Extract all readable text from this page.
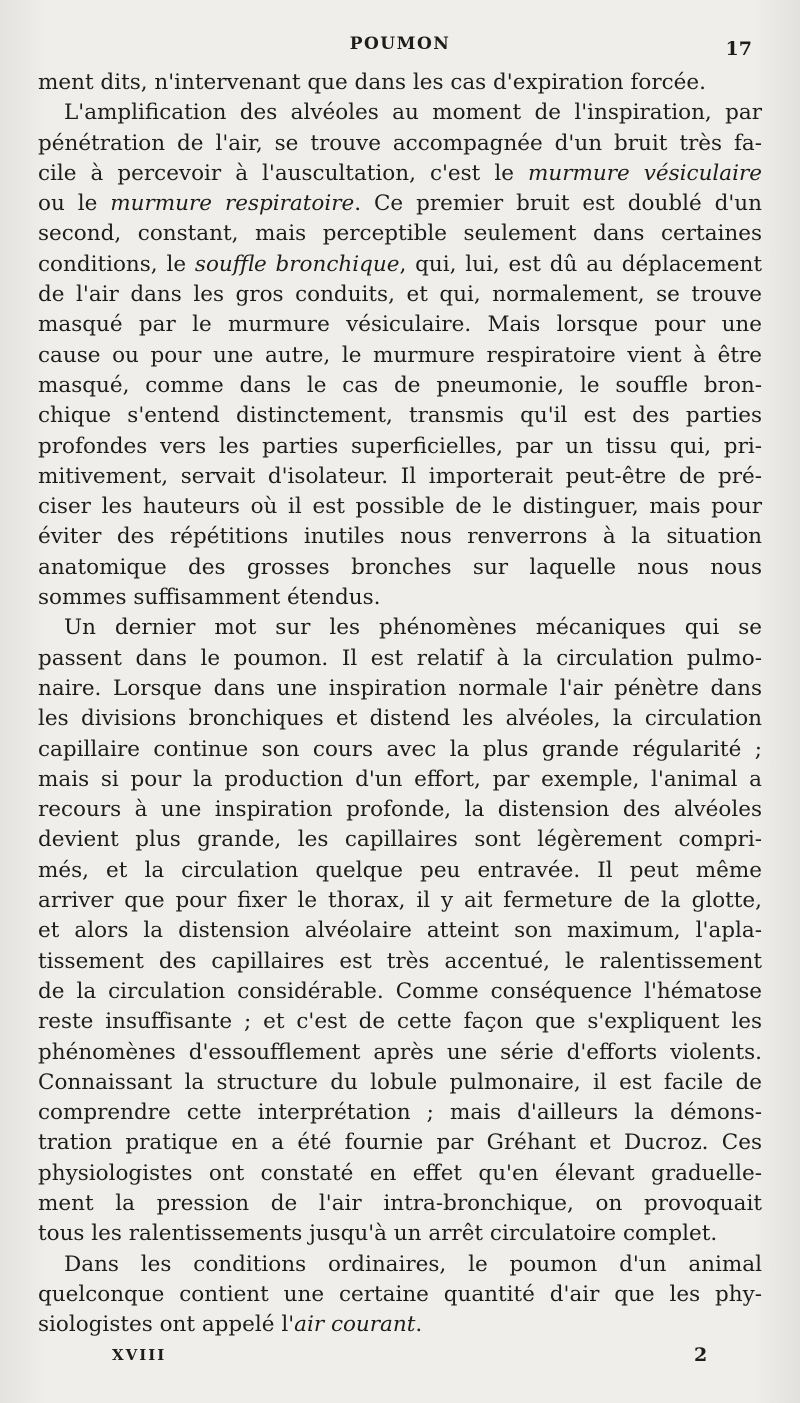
POUMON	17
ment dits, n'intervenant que dans les cas d'expiration forcée.
L'amplification des alvéoles au moment de l'inspiration, par
pénétration de l'air, se trouve accompagnée d'un bruit très fa-
cile à percevoir à l'auscultation, c'est le murmure vésiculaire
ou le murmure respiratoire. Ce premier bruit est doublé d'un
second, constant, mais perceptible seulement dans certaines
conditions, le souffle bronchique, qui, lui, est dû au déplacement
de l'air dans les gros conduits, et qui, normalement, se trouve
masqué par le murmure vésiculaire. Mais lorsque pour une
cause ou pour une autre, le murmure respiratoire vient à être
masqué, comme dans le cas de pneumonie, le souffle bron-
chique s'entend distinctement, transmis qu'il est des parties
profondes vers les parties superficielles, par un tissu qui, pri-
mitivement, servait d'isolateur. Il importerait peut-être de pré-
ciser les hauteurs où il est possible de le distinguer, mais pour
éviter des répétitions inutiles nous renverrons à la situation
anatomique des grosses bronches sur laquelle nous nous
sommes suffisamment étendus.
Un dernier mot sur les phénomènes mécaniques qui se
passent dans le poumon. Il est relatif à la circulation pulmo-
naire. Lorsque dans une inspiration normale l'air pénètre dans
les divisions bronchiques et distend les alvéoles, la circulation
capillaire continue son cours avec la plus grande régularité ;
mais si pour la production d'un effort, par exemple, l'animal a
recours à une inspiration profonde, la distension des alvéoles
devient plus grande, les capillaires sont légèrement compri-
més, et la circulation quelque peu entravée. Il peut même
arriver que pour fixer le thorax, il y ait fermeture de la glotte,
et alors la distension alvéolaire atteint son maximum, l'apla-
tissement des capillaires est très accentué, le ralentissement
de la circulation considérable. Comme conséquence l'hématose
reste insuffisante ; et c'est de cette façon que s'expliquent les
phénomènes d'essoufflement après une série d'efforts violents.
Connaissant la structure du lobule pulmonaire, il est facile de
comprendre cette interprétation ; mais d'ailleurs la démons-
tration pratique en a été fournie par Gréhant et Ducroz. Ces
physiologistes ont constaté en effet qu'en élevant graduelle-
ment la pression de l'air intra-bronchique, on provoquait
tous les ralentissements jusqu'à un arrêt circulatoire complet.
Dans les conditions ordinaires, le poumon d'un animal
quelconque contient une certaine quantité d'air que les phy-
siologistes ont appelé l'air courant.
XVIII	2
